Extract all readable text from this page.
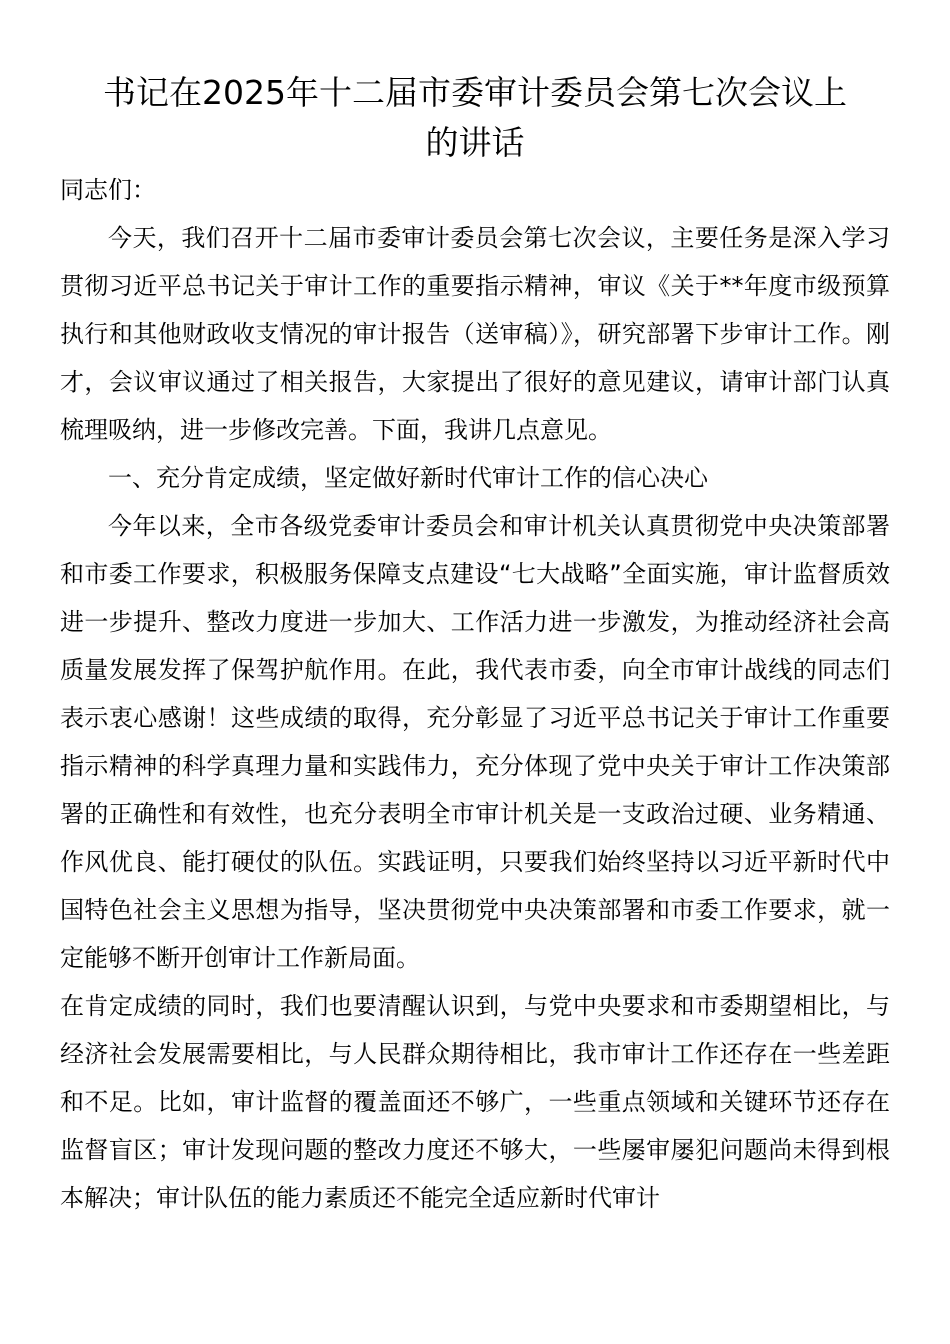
书记在2025年十二届市委审计委员会第七次会议上
的讲话

同志们：

今天，我们召开十二届市委审计委员会第七次会议，主要任务是深入学习贯彻习近平总书记关于审计工作的重要指示精神，审议《关于**年度市级预算执行和其他财政收支情况的审计报告（送审稿）》，研究部署下步审计工作。刚才，会议审议通过了相关报告，大家提出了很好的意见建议，请审计部门认真梳理吸纳，进一步修改完善。下面，我讲几点意见。

一、充分肯定成绩，坚定做好新时代审计工作的信心决心

今年以来，全市各级党委审计委员会和审计机关认真贯彻党中央决策部署和市委工作要求，积极服务保障支点建设“七大战略”全面实施，审计监督质效进一步提升、整改力度进一步加大、工作活力进一步激发，为推动经济社会高质量发展发挥了保驾护航作用。在此，我代表市委，向全市审计战线的同志们表示衷心感谢！这些成绩的取得，充分彰显了习近平总书记关于审计工作重要指示精神的科学真理力量和实践伟力，充分体现了党中央关于审计工作决策部署的正确性和有效性，也充分表明全市审计机关是一支政治过硬、业务精通、作风优良、能打硬仗的队伍。实践证明，只要我们始终坚持以习近平新时代中国特色社会主义思想为指导，坚决贯彻党中央决策部署和市委工作要求，就一定能够不断开创审计工作新局面。

在肯定成绩的同时，我们也要清醒认识到，与党中央要求和市委期望相比，与经济社会发展需要相比，与人民群众期待相比，我市审计工作还存在一些差距和不足。比如，审计监督的覆盖面还不够广，一些重点领域和关键环节还存在监督盲区；审计发现问题的整改力度还不够大，一些屡审屡犯问题尚未得到根本解决；审计队伍的能力素质还不能完全适应新时代审计
